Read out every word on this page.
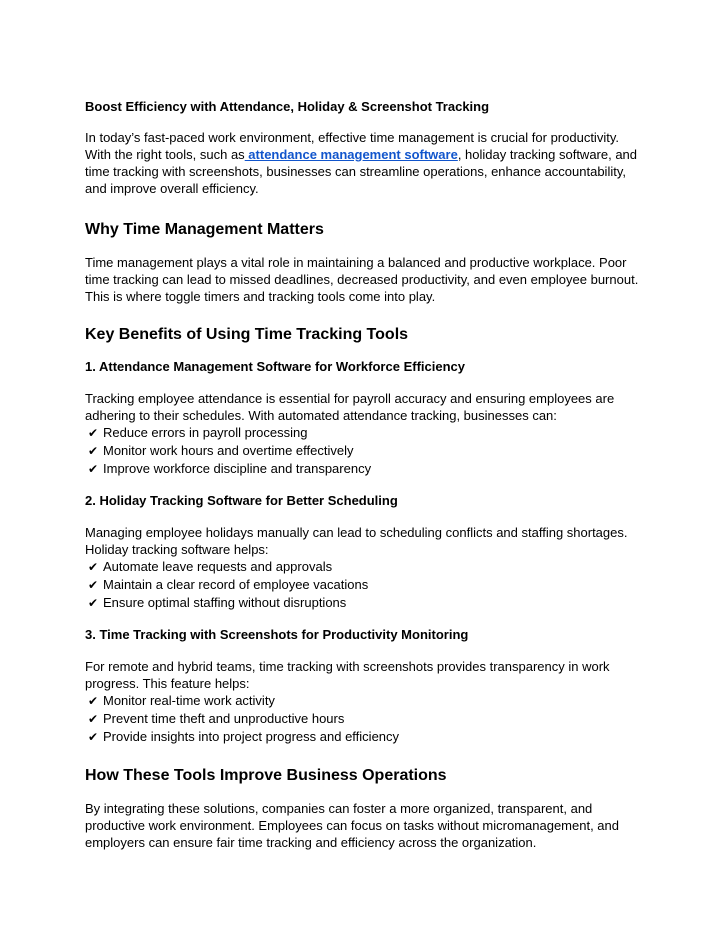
Boost Efficiency with Attendance, Holiday & Screenshot Tracking

In today’s fast-paced work environment, effective time management is crucial for productivity. With the right tools, such as attendance management software, holiday tracking software, and time tracking with screenshots, businesses can streamline operations, enhance accountability, and improve overall efficiency.

Why Time Management Matters

Time management plays a vital role in maintaining a balanced and productive workplace. Poor time tracking can lead to missed deadlines, decreased productivity, and even employee burnout. This is where toggle timers and tracking tools come into play.

Key Benefits of Using Time Tracking Tools
1. Attendance Management Software for Workforce Efficiency

Tracking employee attendance is essential for payroll accuracy and ensuring employees are adhering to their schedules. With automated attendance tracking, businesses can:

✔ Reduce errors in payroll processing
✔ Monitor work hours and overtime effectively
✔ Improve workforce discipline and transparency
2. Holiday Tracking Software for Better Scheduling

Managing employee holidays manually can lead to scheduling conflicts and staffing shortages. Holiday tracking software helps:

✔ Automate leave requests and approvals
✔ Maintain a clear record of employee vacations
✔ Ensure optimal staffing without disruptions
3. Time Tracking with Screenshots for Productivity Monitoring

For remote and hybrid teams, time tracking with screenshots provides transparency in work progress. This feature helps:

✔ Monitor real-time work activity
✔ Prevent time theft and unproductive hours
✔ Provide insights into project progress and efficiency
How These Tools Improve Business Operations

By integrating these solutions, companies can foster a more organized, transparent, and productive work environment. Employees can focus on tasks without micromanagement, and employers can ensure fair time tracking and efficiency across the organization.
